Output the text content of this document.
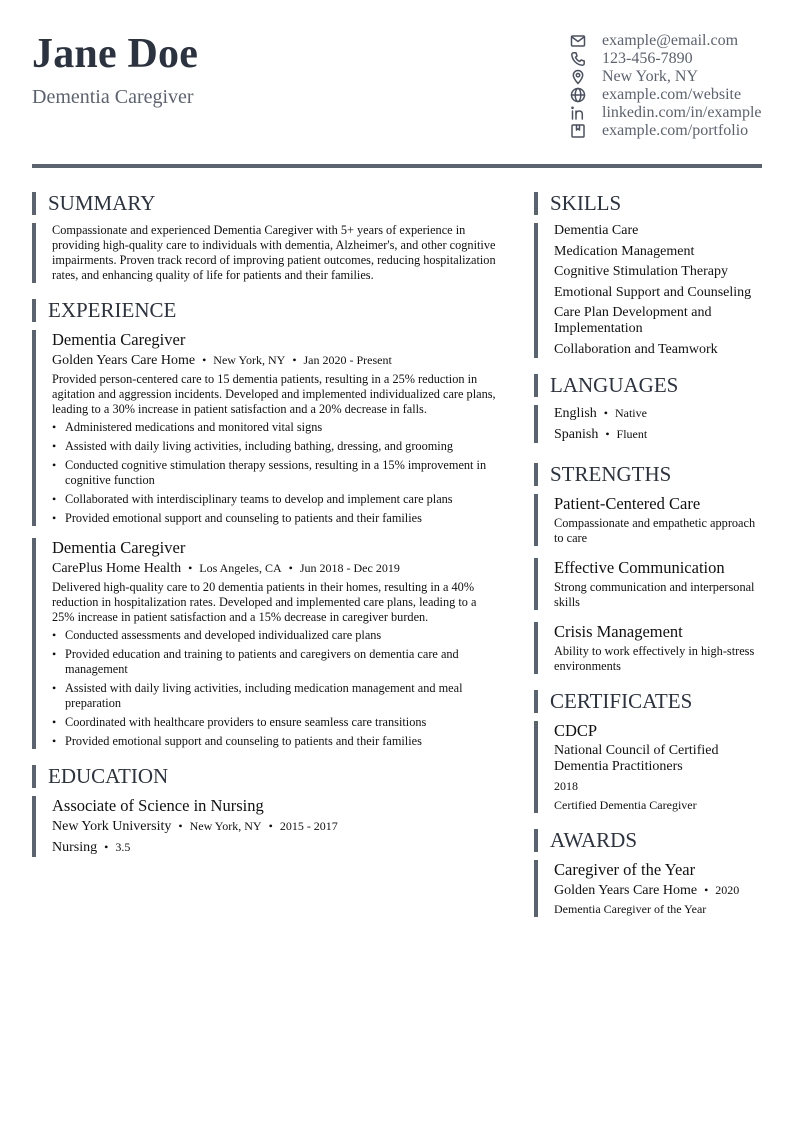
Jane Doe
Dementia Caregiver
example@email.com
123-456-7890
New York, NY
example.com/website
linkedin.com/in/example
example.com/portfolio
SUMMARY
Compassionate and experienced Dementia Caregiver with 5+ years of experience in providing high-quality care to individuals with dementia, Alzheimer's, and other cognitive impairments. Proven track record of improving patient outcomes, reducing hospitalization rates, and enhancing quality of life for patients and their families.
EXPERIENCE
Dementia Caregiver
Golden Years Care Home • New York, NY • Jan 2020 - Present
Provided person-centered care to 15 dementia patients, resulting in a 25% reduction in agitation and aggression incidents. Developed and implemented individualized care plans, leading to a 30% increase in patient satisfaction and a 20% decrease in falls.
• Administered medications and monitored vital signs
• Assisted with daily living activities, including bathing, dressing, and grooming
• Conducted cognitive stimulation therapy sessions, resulting in a 15% improvement in cognitive function
• Collaborated with interdisciplinary teams to develop and implement care plans
• Provided emotional support and counseling to patients and their families
Dementia Caregiver
CarePlus Home Health • Los Angeles, CA • Jun 2018 - Dec 2019
Delivered high-quality care to 20 dementia patients in their homes, resulting in a 40% reduction in hospitalization rates. Developed and implemented care plans, leading to a 25% increase in patient satisfaction and a 15% decrease in caregiver burden.
• Conducted assessments and developed individualized care plans
• Provided education and training to patients and caregivers on dementia care and management
• Assisted with daily living activities, including medication management and meal preparation
• Coordinated with healthcare providers to ensure seamless care transitions
• Provided emotional support and counseling to patients and their families
EDUCATION
Associate of Science in Nursing
New York University • New York, NY • 2015 - 2017
Nursing • 3.5
SKILLS
Dementia Care
Medication Management
Cognitive Stimulation Therapy
Emotional Support and Counseling
Care Plan Development and Implementation
Collaboration and Teamwork
LANGUAGES
English • Native
Spanish • Fluent
STRENGTHS
Patient-Centered Care
Compassionate and empathetic approach to care
Effective Communication
Strong communication and interpersonal skills
Crisis Management
Ability to work effectively in high-stress environments
CERTIFICATES
CDCP
National Council of Certified Dementia Practitioners
2018
Certified Dementia Caregiver
AWARDS
Caregiver of the Year
Golden Years Care Home • 2020
Dementia Caregiver of the Year
